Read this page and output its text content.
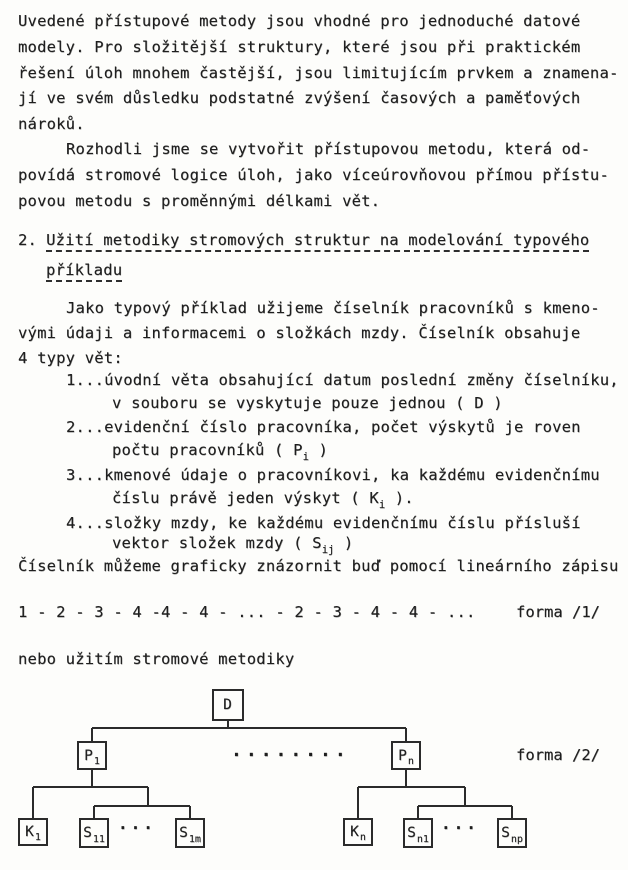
Uvedené přístupové metody jsou vhodné pro jednoduché datové
modely. Pro složitější struktury, které jsou při praktickém
řešení úloh mnohem častější, jsou limitujícím prvkem a znamena-
jí ve svém důsledku podstatné zvýšení časových a paměťových
nároků.
Rozhodli jsme se vytvořit přístupovou metodu, která od-
povídá stromové logice úloh, jako víceúrovňovou přímou přístu-
povou metodu s proměnnými délkami vět.
2. Užití metodiky stromových struktur na modelování typového
příkladu
Jako typový příklad užijeme číselník pracovníků s kmeno-
vými údaji a informacemi o složkách mzdy. Číselník obsahuje
4 typy vět:
1...úvodní věta obsahující datum poslední změny číselníku,
v souboru se vyskytuje pouze jednou ( D )
2...evidenční číslo pracovníka, počet výskytů je roven
počtu pracovníků ( $P_i$ )
3...kmenové údaje o pracovníkovi, ka každému evidenčnímu
číslu právě jeden výskyt ( $K_i$ ).
4...složky mzdy, ke každému evidenčnímu číslu přísluší
vektor složek mzdy ( $S_{ij}$ )
Číselník můžeme graficky znázornit buď pomocí lineárního zápisu
1 - 2 - 3 - 4 -4 - 4 - ... - 2 - 3 - 4 - 4 - ...	forma /1/
nebo užitím stromové metodiky
D
P 1	P n
K 1	S 11	S 1m	K n	S n1	S np
........
...	...
forma /2/
